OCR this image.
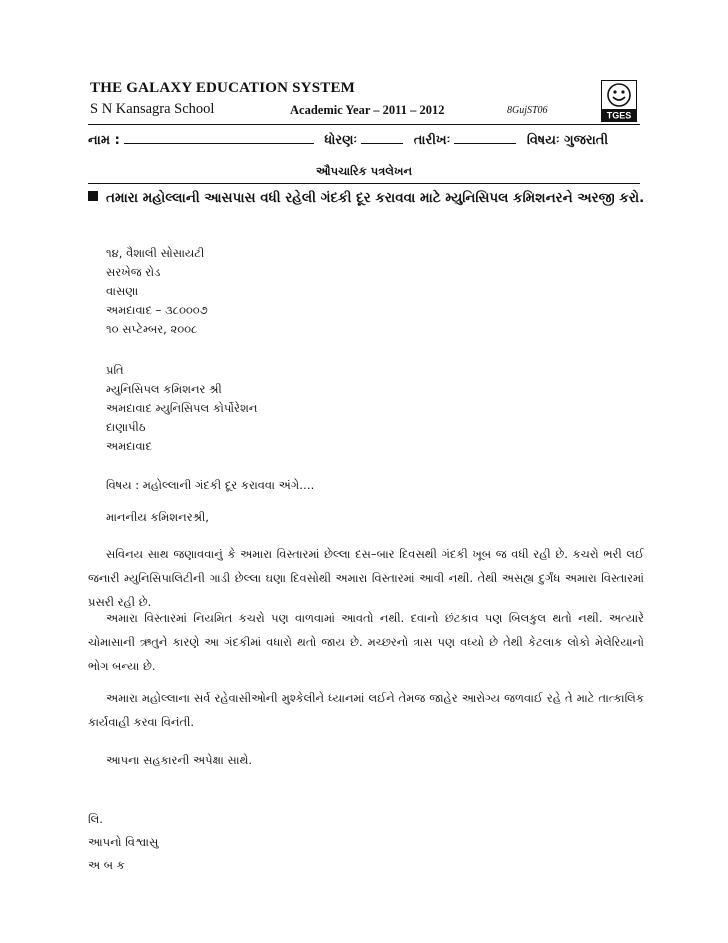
THE GALAXY EDUCATION SYSTEM
S N Kansagra School	Academic Year – 2011 – 2012	8GujST06	TGES
નામ :	ધોરણઃ	તારીખઃ	વિષયઃ ગુજરાતી
ઔપચારિક પત્રલેખન
તમારા મહોલ્લાની આસપાસ વધી રહેલી ગંદકી દૂર કરાવવા માટે મ્યુનિસિપલ કમિશનરને અરજી કરો.
૧૪, વૈશાલી સોસાયટી
સરખેજ રોડ
વાસણા
અમદાવાદ – ૩૮૦૦૦૭
૧૦ સપ્ટેમ્બર, ૨૦૦૮
પ્રતિ
મ્યુનિસિપલ કમિશનર શ્રી
અમદાવાદ મ્યુનિસિપલ કોર્પોરેશન
દાણાપીઠ
અમદાવાદ
વિષય : મહોલ્લાની ગંદકી દૂર કરાવવા અંગે….
માનનીય કમિશનરશ્રી,
સવિનય સાથ જણાવવાનું કે અમારા વિસ્તારમાં છેલ્લા દસ–બાર દિવસથી ગંદકી ખૂબ જ વધી રહી છે. કચરો ભરી લઈ જનારી મ્યુનિસિપાલિટીની ગાડી છેલ્લા ઘણા દિવસોથી અમારા વિસ્તારમાં આવી નથી. તેથી અસહ્ય દુર્ગંધ અમારા વિસ્તારમાં પ્રસરી રહી છે.
અમારા વિસ્તારમાં નિયમિત કચરો પણ વાળવામાં આવતો નથી. દવાનો છંટકાવ પણ બિલકુલ થતો નથી. અત્યારે ચોમાસાની ઋતુને કારણે આ ગંદકીમાં વધારો થતો જાય છે. મચ્છરનો ત્રાસ પણ વધ્યો છે તેથી કેટલાક લોકો મેલેરિયાનો ભોગ બન્યા છે.
અમારા મહોલ્લાના સર્વ રહેવાસીઓની મુશ્કેલીને ધ્યાનમાં લઈને તેમજ જાહેર આરોગ્ય જળવાઈ રહે તે માટે તાત્કાલિક કાર્યવાહી કરવા વિનંતી.
આપના સહકારની અપેક્ષા સાથે.
લિ.
આપનો વિશ્વાસુ
અ બ ક
